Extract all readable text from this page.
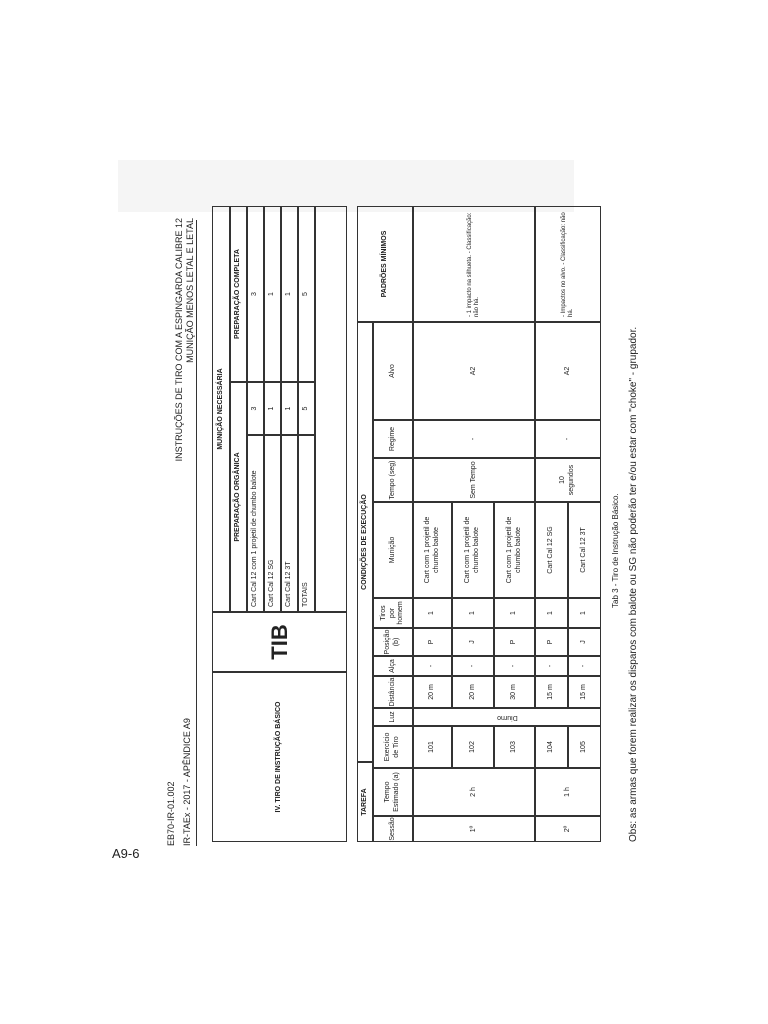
A9-6
EB70-IR-01.002 IR-TAEx - 2017 - APÊNDICE A9
INSTRUÇÕES DE TIRO COM A ESPINGARDA CALIBRE 12 MUNIÇÃO MENOS LETAL E LETAL
IV. TIRO DE INSTRUÇÃO BÁSICO
TIB
MUNIÇÃO NECESSÁRIA
PREPARAÇÃO ORGÂNICA
PREPARAÇÃO COMPLETA
Cart Cal 12 com 1 projetil de chumbo balote
3
3
Cart Cal 12 SG
1
1
Cart Cal 12 3T
1
1
TOTAIS
5
5
TAREFA
CONDIÇÕES DE EXECUÇÃO
PADRÕES MÍNIMOS
Sessão
Tempo Estimado (a)
Exercício de Tiro
Luz
Distância
Alça
Posição (b)
Tiros por homem
Munição
Tempo (seg)
Regime
Alvo
1º
2 h
Sem Tempo
-
A2
- 1 impacto na silhueta. - Classificação: não há.
Diurno
101
20 m
-
P
1
Cart com 1 projetil de chumbo balote
102
20 m
-
J
1
Cart com 1 projetil de chumbo balote
103
30 m
-
P
1
Cart com 1 projetil de chumbo balote
2º
1 h
10 segundos
-
A2
- Impactos no alvo. - Classificação: não há.
104
15 m
-
P
1
Cart Cal 12 SG
105
15 m
-
J
1
Cart Cal 12 3T	Tab 3 - Tiro de Instrução Básico. Obs: as armas que forem realizar os disparos com balote ou SG não poderão ter e/ou estar com "choke" - grupador.
